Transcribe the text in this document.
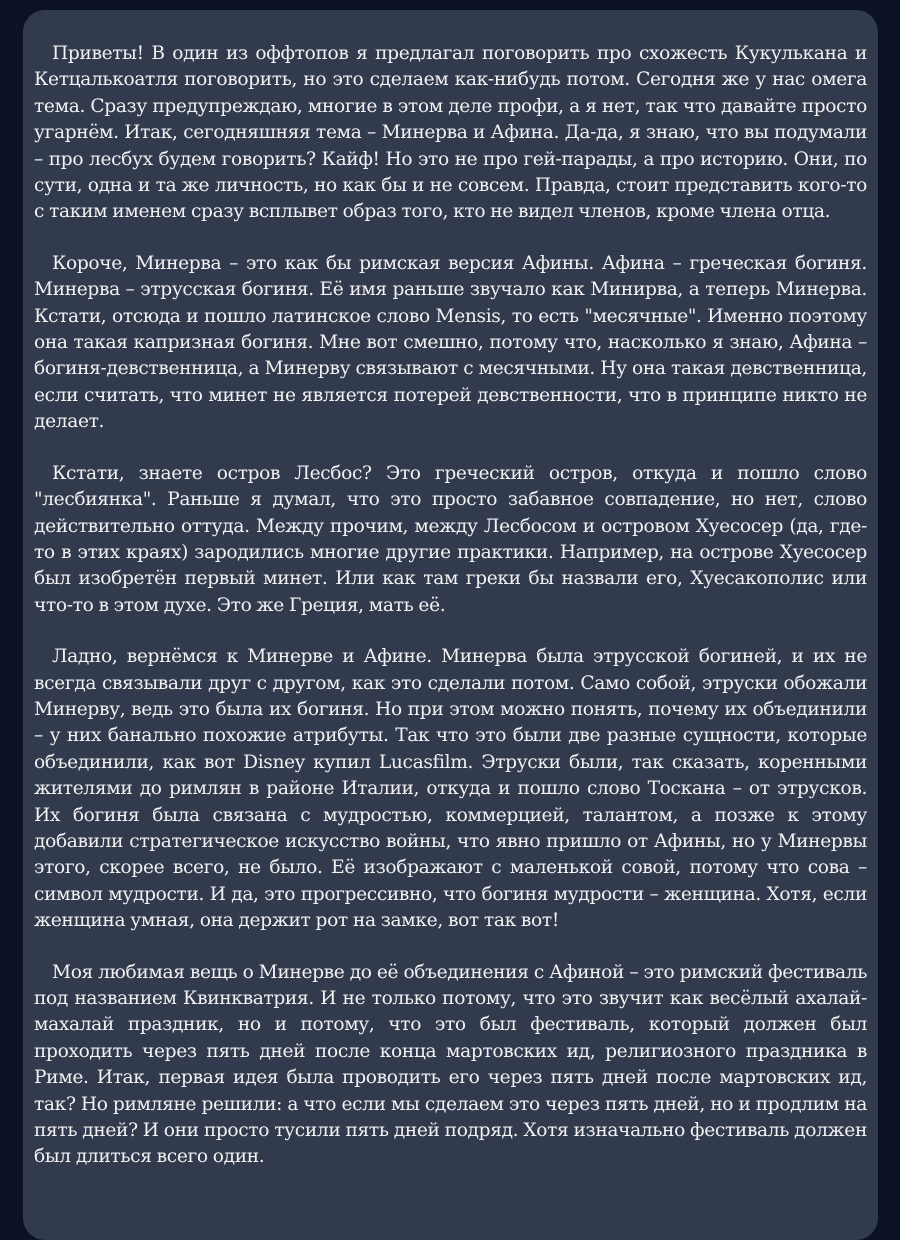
Приветы! В один из оффтопов я предлагал поговорить про схожесть Кукулькана и Кетцалькоатля поговорить, но это сделаем как-нибудь потом. Сегодня же у нас омега тема. Сразу предупреждаю, многие в этом деле профи, а я нет, так что давайте просто угарнём. Итак, сегодняшняя тема – Минерва и Афина. Да-да, я знаю, что вы подумали – про лесбух будем говорить? Кайф! Но это не про гей-парады, а про историю. Они, по сути, одна и та же личность, но как бы и не совсем. Правда, стоит представить кого-то с таким именем сразу всплывет образ того, кто не видел членов, кроме члена отца.

Короче, Минерва – это как бы римская версия Афины. Афина – греческая богиня. Минерва – этрусская богиня. Её имя раньше звучало как Минирва, а теперь Минерва. Кстати, отсюда и пошло латинское слово Mensis, то есть "месячные". Именно поэтому она такая капризная богиня. Мне вот смешно, потому что, насколько я знаю, Афина – богиня-девственница, а Минерву связывают с месячными. Ну она такая девственница, если считать, что минет не является потерей девственности, что в принципе никто не делает.

Кстати, знаете остров Лесбос? Это греческий остров, откуда и пошло слово "лесбиянка". Раньше я думал, что это просто забавное совпадение, но нет, слово действительно оттуда. Между прочим, между Лесбосом и островом Хуесосер (да, где-то в этих краях) зародились многие другие практики. Например, на острове Хуесосер был изобретён первый минет. Или как там греки бы назвали его, Хуесакополис или что-то в этом духе. Это же Греция, мать её.

Ладно, вернёмся к Минерве и Афине. Минерва была этрусской богиней, и их не всегда связывали друг с другом, как это сделали потом. Само собой, этруски обожали Минерву, ведь это была их богиня. Но при этом можно понять, почему их объединили – у них банально похожие атрибуты. Так что это были две разные сущности, которые объединили, как вот Disney купил Lucasfilm. Этруски были, так сказать, коренными жителями до римлян в районе Италии, откуда и пошло слово Тоскана – от этрусков. Их богиня была связана с мудростью, коммерцией, талантом, а позже к этому добавили стратегическое искусство войны, что явно пришло от Афины, но у Минервы этого, скорее всего, не было. Её изображают с маленькой совой, потому что сова – символ мудрости. И да, это прогрессивно, что богиня мудрости – женщина. Хотя, если женщина умная, она держит рот на замке, вот так вот!

Моя любимая вещь о Минерве до её объединения с Афиной – это римский фестиваль под названием Квинкватрия. И не только потому, что это звучит как весёлый ахалай-махалай праздник, но и потому, что это был фестиваль, который должен был проходить через пять дней после конца мартовских ид, религиозного праздника в Риме. Итак, первая идея была проводить его через пять дней после мартовских ид, так? Но римляне решили: а что если мы сделаем это через пять дней, но и продлим на пять дней? И они просто тусили пять дней подряд. Хотя изначально фестиваль должен был длиться всего один.
